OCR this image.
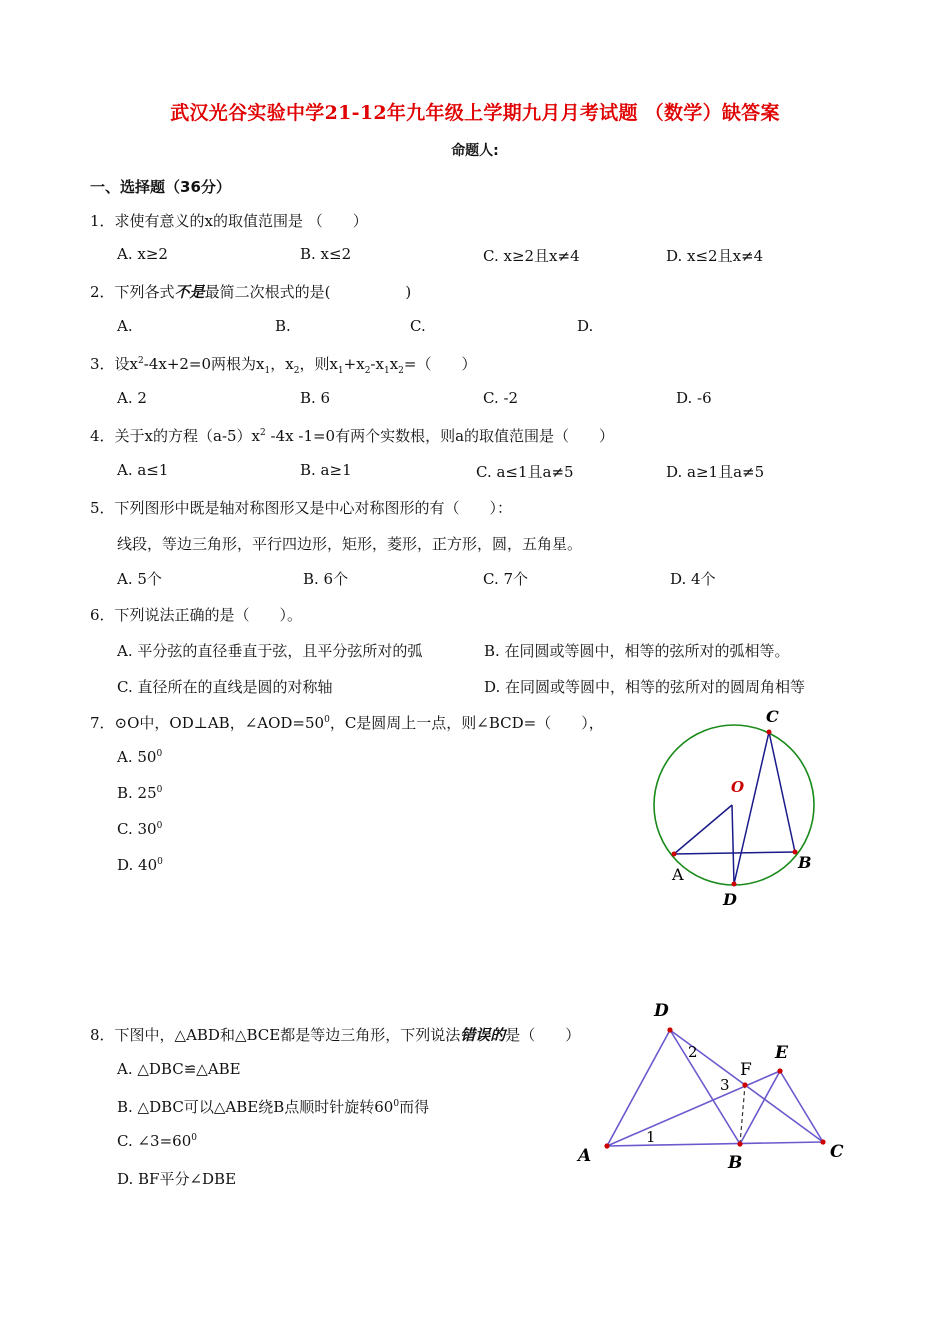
武汉光谷实验中学21-12年九年级上学期九月月考试题 （数学）缺答案
命题人:
一、选择题（36分）
1．求使有意义的x的取值范围是 （　　）
A. x≥2	B. x≤2	C. x≥2且x≠4	D. x≤2且x≠4
2．下列各式不是最简二次根式的是(　　　　　)
A.	B.	C.	D.
3．设$x^2-4x+2=0$两根为$x_1$，$x_2$，则$x_1+x_2-x_1x_2=$（　　）
A. 2	B. 6	C. -2	D. -6
4．关于x的方程$(a-5)x^2$ -4x -1=0有两个实数根，则a的取值范围是（　　）
A. a≤1	B. a≥1	C. a≤1且a≠5	D. a≥1且a≠5
5．下列图形中既是轴对称图形又是中心对称图形的有（　　）：
线段，等边三角形，平行四边形，矩形，菱形，正方形，圆，五角星。
A. 5个	B. 6个	C. 7个	D. 4个
6．下列说法正确的是（　　）。
A. 平分弦的直径垂直于弦，且平分弦所对的弧	B. 在同圆或等圆中，相等的弦所对的弧相等。
C. 直径所在的直线是圆的对称轴	D. 在同圆或等圆中，相等的弦所对的圆周角相等
7．⊙O中，OD⊥AB，$\angle AOD=50^0$，C是圆周上一点，则∠BCD=（　　），
A. $50^0$
B. $25^0$
C. $30^0$
D. $40^0$
C
O
A
B
D
8．下图中，△ABD和△BCE都是等边三角形，下列说法错误的是（　　）
A. △DBC≌△ABE
B. △DBC可以△ABE绕B点顺时针旋转$60^0$而得
C. $\angle 3=60^0$
D. BF平分∠DBE
D
E
F
A	B
C
1
2
3
